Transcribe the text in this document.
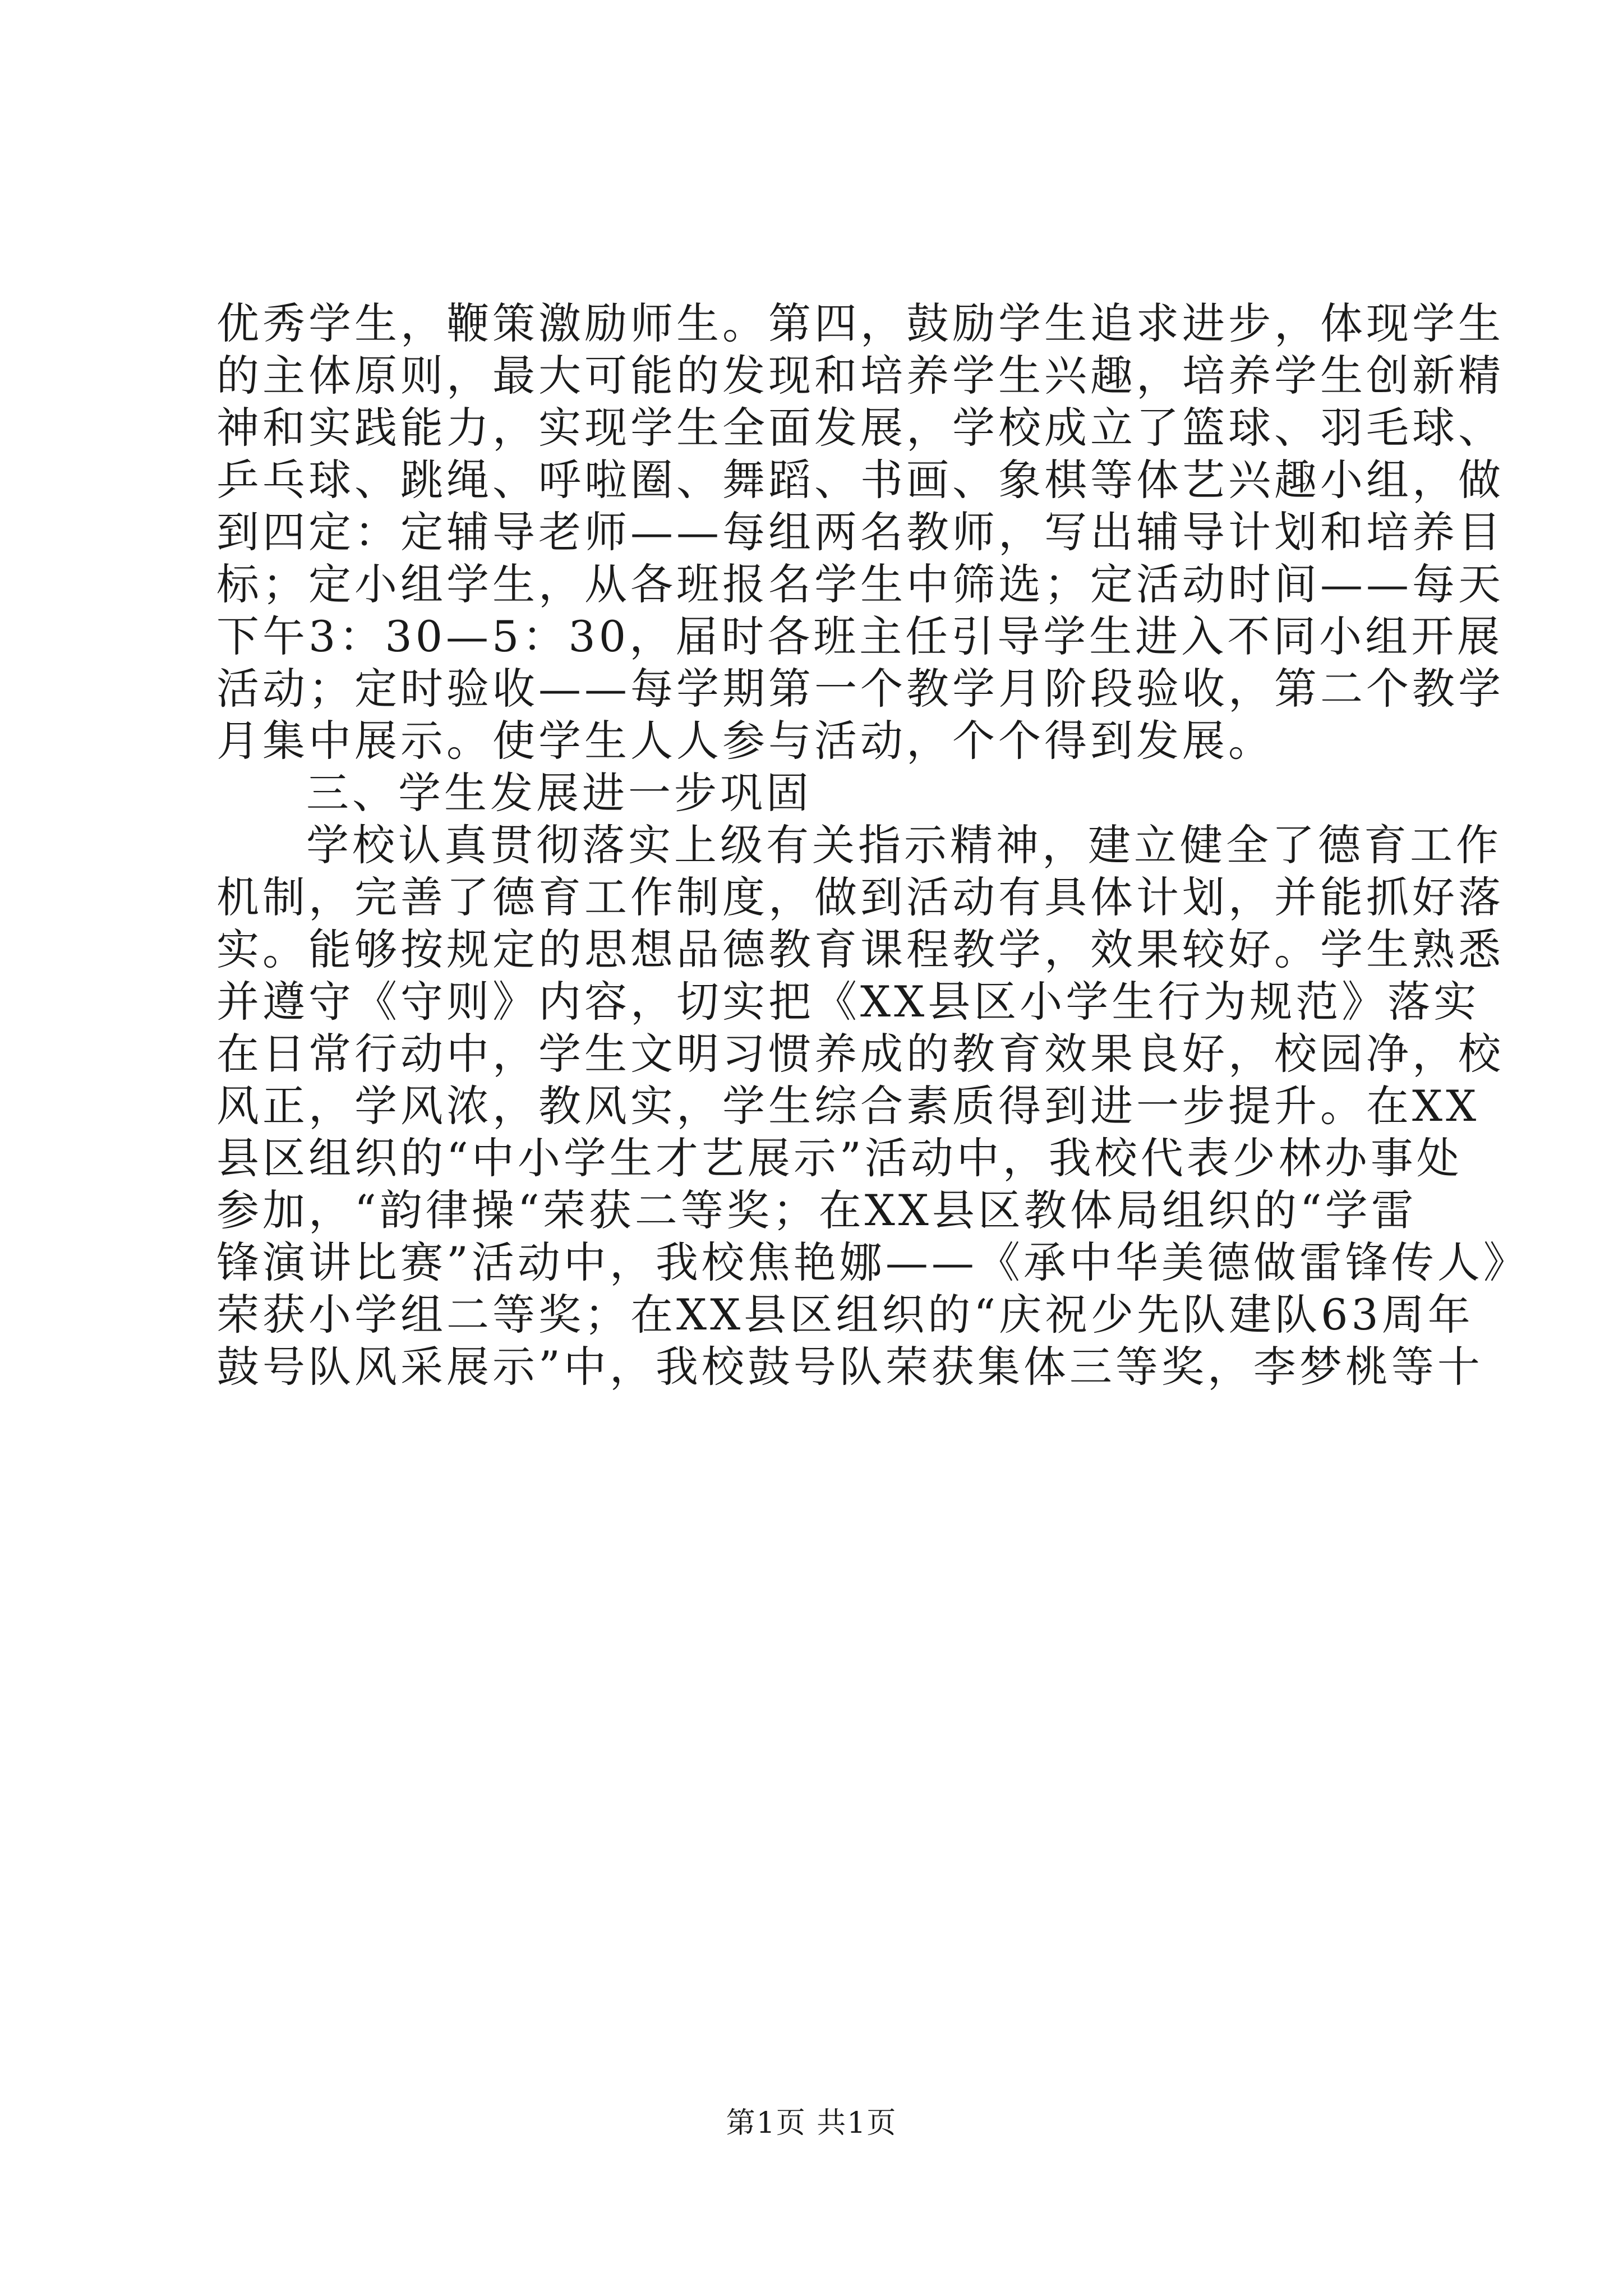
优秀学生，鞭策激励师生。第四，鼓励学生追求进步，体现学生
的主体原则，最大可能的发现和培养学生兴趣，培养学生创新精
神和实践能力，实现学生全面发展，学校成立了篮球、羽毛球、
乒乓球、跳绳、呼啦圈、舞蹈、书画、象棋等体艺兴趣小组，做
到四定：定辅导老师——每组两名教师，写出辅导计划和培养目
标；定小组学生，从各班报名学生中筛选；定活动时间——每天
下午3：30—5：30，届时各班主任引导学生进入不同小组开展
活动；定时验收——每学期第一个教学月阶段验收，第二个教学
月集中展示。使学生人人参与活动，个个得到发展。
三、学生发展进一步巩固
学校认真贯彻落实上级有关指示精神，建立健全了德育工作
机制，完善了德育工作制度，做到活动有具体计划，并能抓好落
实。能够按规定的思想品德教育课程教学，效果较好。学生熟悉
并遵守《守则》内容，切实把《XX县区小学生行为规范》落实
在日常行动中，学生文明习惯养成的教育效果良好，校园净，校
风正，学风浓，教风实，学生综合素质得到进一步提升。在XX
县区组织的“中小学生才艺展示”活动中，我校代表少林办事处
参加，“韵律操“荣获二等奖；在XX县区教体局组织的“学雷
锋演讲比赛”活动中，我校焦艳娜——《承中华美德做雷锋传人》
荣获小学组二等奖；在XX县区组织的“庆祝少先队建队63周年
鼓号队风采展示”中，我校鼓号队荣获集体三等奖，李梦桃等十
第1页 共1页
